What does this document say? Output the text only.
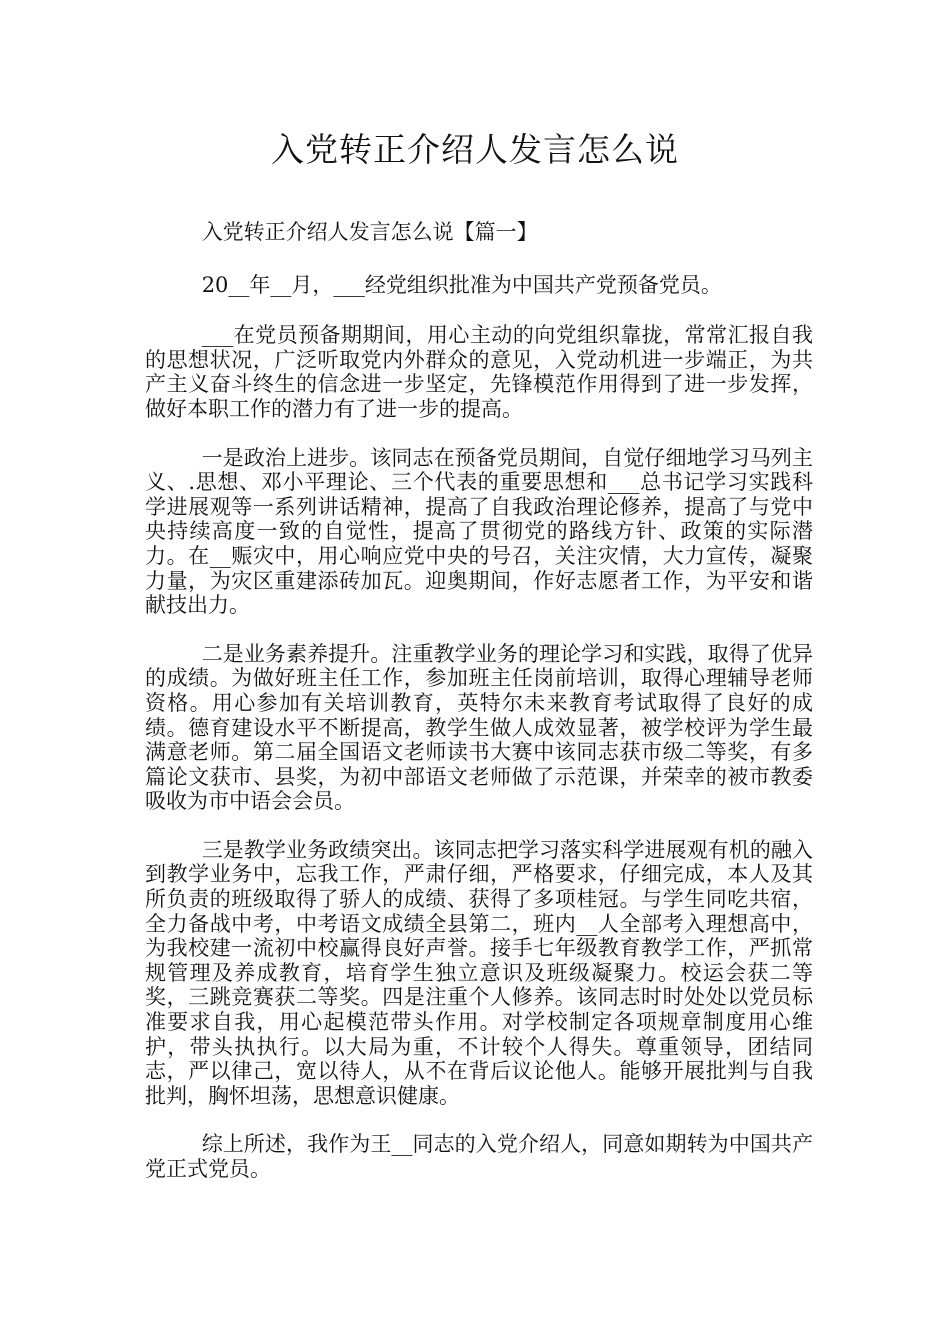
入党转正介绍人发言怎么说

入党转正介绍人发言怎么说【篇一】

20__年__月，___经党组织批准为中国共产党预备党员。

___在党员预备期期间，用心主动的向党组织靠拢，常常汇报自我的思想状况，广泛听取党内外群众的意见，入党动机进一步端正，为共产主义奋斗终生的信念进一步坚定，先锋模范作用得到了进一步发挥，做好本职工作的潜力有了进一步的提高。

一是政治上进步。该同志在预备党员期间，自觉仔细地学习马列主义、.思想、邓小平理论、三个代表的重要思想和___总书记学习实践科学进展观等一系列讲话精神，提高了自我政治理论修养，提高了与党中央持续高度一致的自觉性，提高了贯彻党的路线方针、政策的实际潜力。在__赈灾中，用心响应党中央的号召，关注灾情，大力宣传，凝聚力量，为灾区重建添砖加瓦。迎奥期间，作好志愿者工作，为平安和谐献技出力。

二是业务素养提升。注重教学业务的理论学习和实践，取得了优异的成绩。为做好班主任工作，参加班主任岗前培训，取得心理辅导老师资格。用心参加有关培训教育，英特尔未来教育考试取得了良好的成绩。德育建设水平不断提高，教学生做人成效显著，被学校评为学生最满意老师。第二届全国语文老师读书大赛中该同志获市级二等奖，有多篇论文获市、县奖，为初中部语文老师做了示范课，并荣幸的被市教委吸收为市中语会会员。

三是教学业务政绩突出。该同志把学习落实科学进展观有机的融入到教学业务中，忘我工作，严肃仔细，严格要求，仔细完成，本人及其所负责的班级取得了骄人的成绩、获得了多项桂冠。与学生同吃共宿，全力备战中考，中考语文成绩全县第二，班内__人全部考入理想高中，为我校建一流初中校赢得良好声誉。接手七年级教育教学工作，严抓常规管理及养成教育，培育学生独立意识及班级凝聚力。校运会获二等奖，三跳竞赛获二等奖。四是注重个人修养。该同志时时处处以党员标准要求自我，用心起模范带头作用。对学校制定各项规章制度用心维护，带头执执行。以大局为重，不计较个人得失。尊重领导，团结同志，严以律己，宽以待人，从不在背后议论他人。能够开展批判与自我批判，胸怀坦荡，思想意识健康。

综上所述，我作为王__同志的入党介绍人，同意如期转为中国共产党正式党员。
